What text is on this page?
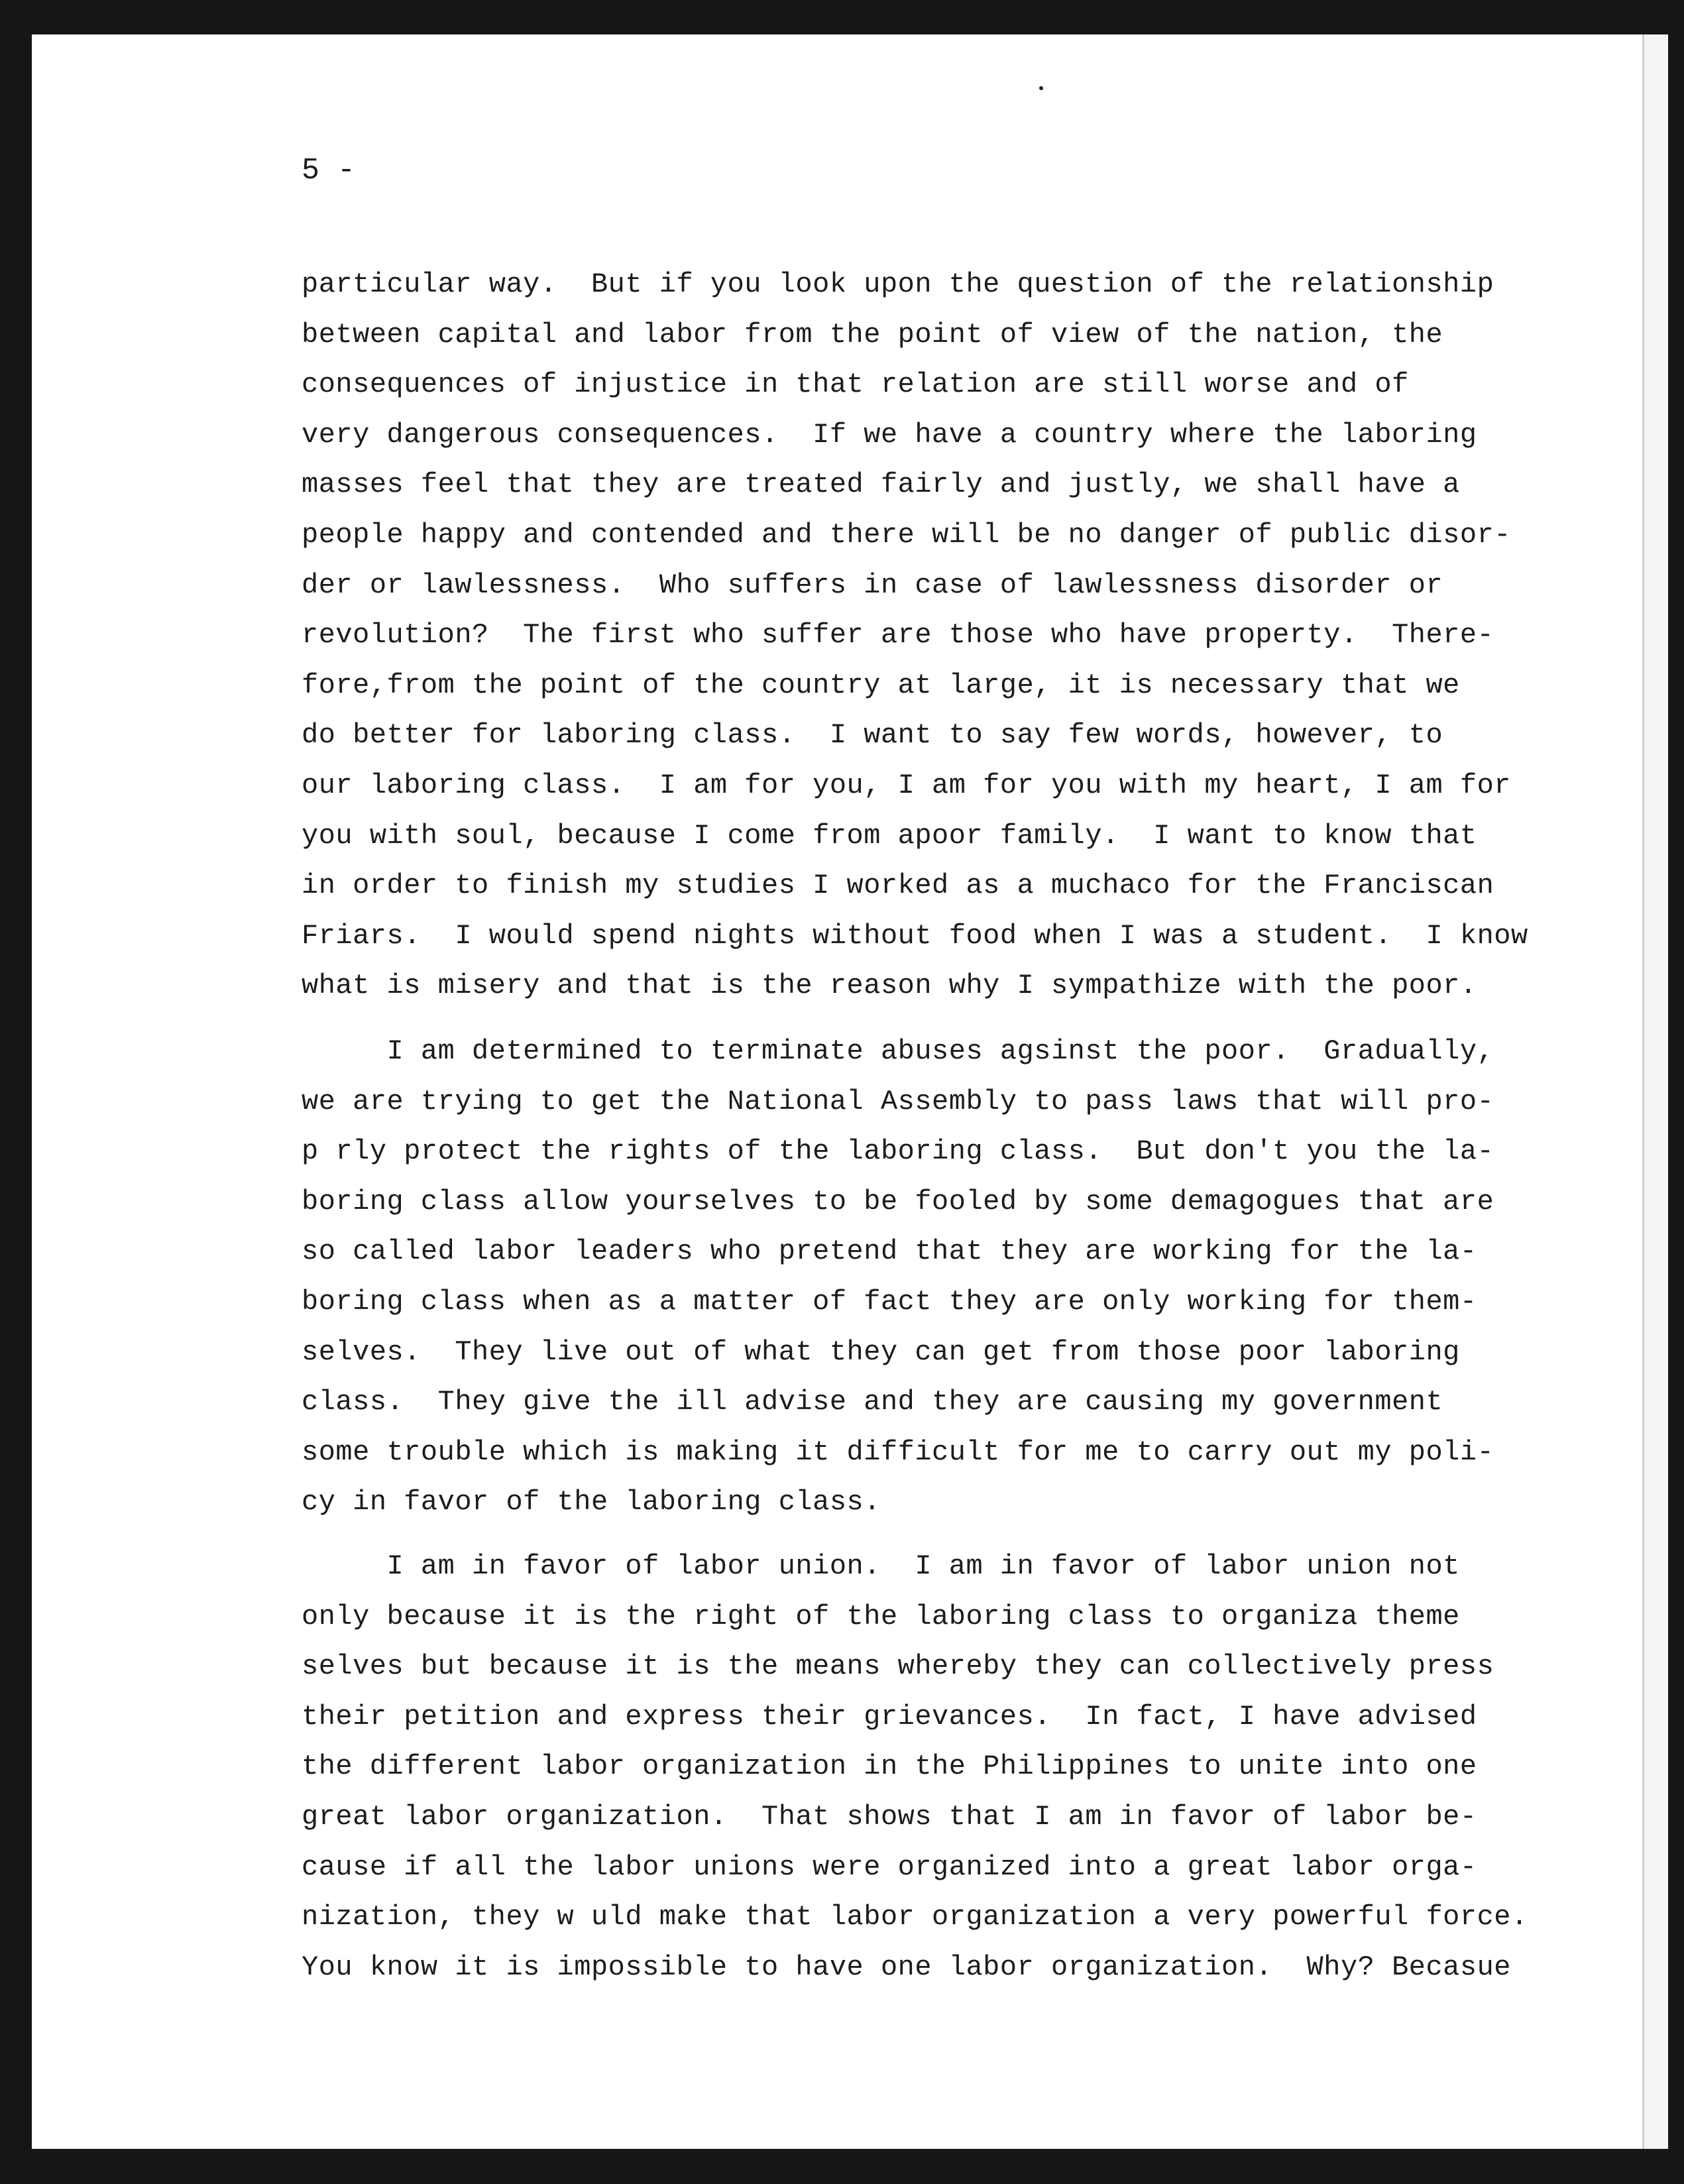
5 -
particular way.  But if you look upon the question of the relationship
between capital and labor from the point of view of the nation, the
consequences of injustice in that relation are still worse and of
very dangerous consequences.  If we have a country where the laboring
masses feel that they are treated fairly and justly, we shall have a
people happy and contended and there will be no danger of public disor-
der or lawlessness.  Who suffers in case of lawlessness disorder or
revolution?  The first who suffer are those who have property.  There-
fore,from the point of the country at large, it is necessary that we
do better for laboring class.  I want to say few words, however, to
our laboring class.  I am for you, I am for you with my heart, I am for
you with soul, because I come from apoor family.  I want to know that
in order to finish my studies I worked as a muchaco for the Franciscan
Friars.  I would spend nights without food when I was a student.  I know
what is misery and that is the reason why I sympathize with the poor.
I am determined to terminate abuses agsinst the poor.  Gradually,
we are trying to get the National Assembly to pass laws that will pro-
p rly protect the rights of the laboring class.  But don't you the la-
boring class allow yourselves to be fooled by some demagogues that are
so called labor leaders who pretend that they are working for the la-
boring class when as a matter of fact they are only working for them-
selves.  They live out of what they can get from those poor laboring
class.  They give the ill advise and they are causing my government
some trouble which is making it difficult for me to carry out my poli-
cy in favor of the laboring class.
I am in favor of labor union.  I am in favor of labor union not
only because it is the right of the laboring class to organiza theme
selves but because it is the means whereby they can collectively press
their petition and express their grievances.  In fact, I have advised
the different labor organization in the Philippines to unite into one
great labor organization.  That shows that I am in favor of labor be-
cause if all the labor unions were organized into a great labor orga-
nization, they w uld make that labor organization a very powerful force.
You know it is impossible to have one labor organization.  Why? Becasue
